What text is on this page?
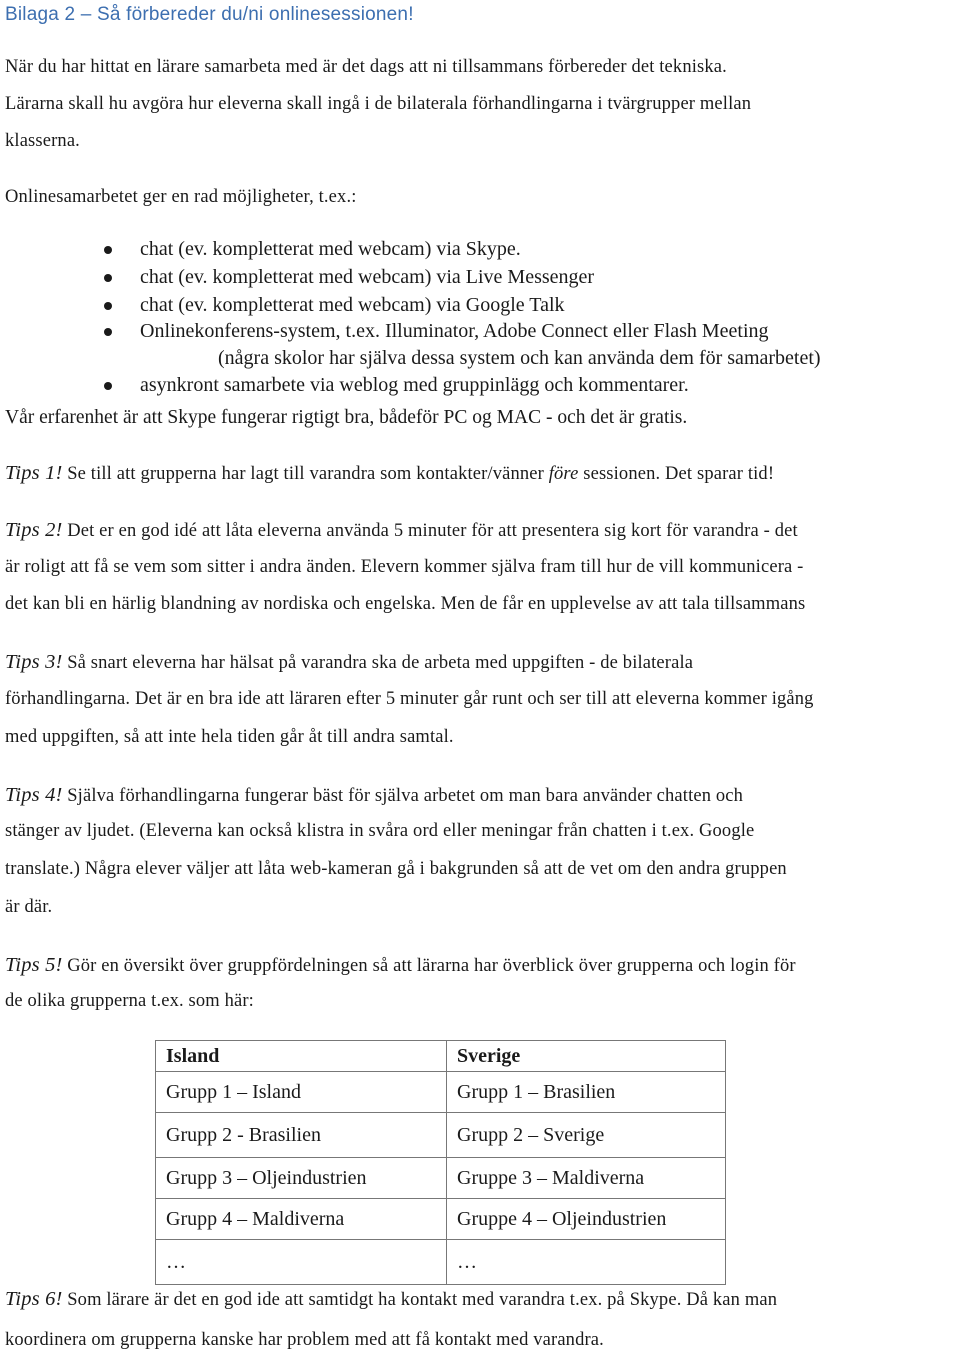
Bilaga 2 – Så förbereder du/ni onlinesessionen!
När du har hittat en lärare samarbeta med är det dags att ni tillsammans förbereder det tekniska.
Lärarna skall hu avgöra hur eleverna skall ingå i de bilaterala förhandlingarna i tvärgrupper mellan
klasserna.
Onlinesamarbetet ger en rad möjligheter, t.ex.:
chat (ev. kompletterat med webcam) via Skype.
chat (ev. kompletterat med webcam) via Live Messenger
chat (ev. kompletterat med webcam) via Google Talk
Onlinekonferens-system, t.ex. Illuminator, Adobe Connect eller Flash Meeting
(några skolor har själva dessa system och kan använda dem för samarbetet)
asynkront samarbete via weblog med gruppinlägg och kommentarer.
Vår erfarenhet är att Skype fungerar rigtigt bra, bådeför PC og MAC - och det är gratis.
Tips 1! Se till att grupperna har lagt till varandra som kontakter/vänner före sessionen. Det sparar tid!
Tips 2! Det er en god idé att låta eleverna använda 5 minuter för att presentera sig kort för varandra - det
är roligt att få se vem som sitter i andra änden. Elevern kommer själva fram till hur de vill kommunicera -
det kan bli en härlig blandning av nordiska och engelska. Men de får en upplevelse av att tala tillsammans
Tips 3! Så snart eleverna har hälsat på varandra ska de arbeta med uppgiften - de bilaterala
förhandlingarna. Det är en bra ide att läraren efter 5 minuter går runt och ser till att eleverna kommer igång
med uppgiften, så att inte hela tiden går åt till andra samtal.
Tips 4! Själva förhandlingarna fungerar bäst för själva arbetet om man bara använder chatten och
stänger av ljudet. (Eleverna kan också klistra in svåra ord eller meningar från chatten i t.ex. Google
translate.) Några elever väljer att låta web-kameran gå i bakgrunden så att de vet om den andra gruppen
är där.
Tips 5! Gör en översikt över gruppfördelningen så att lärarna har överblick över grupperna och login för
de olika grupperna t.ex. som här:
Island	Sverige
Grupp 1 – Island	Grupp 1 – Brasilien
Grupp 2 - Brasilien	Grupp 2 – Sverige
Grupp 3 – Oljeindustrien	Gruppe 3 – Maldiverna
Grupp 4 – Maldiverna	Gruppe 4 – Oljeindustrien
…	…
Tips 6! Som lärare är det en god ide att samtidgt ha kontakt med varandra t.ex. på Skype. Då kan man
koordinera om grupperna kanske har problem med att få kontakt med varandra.
